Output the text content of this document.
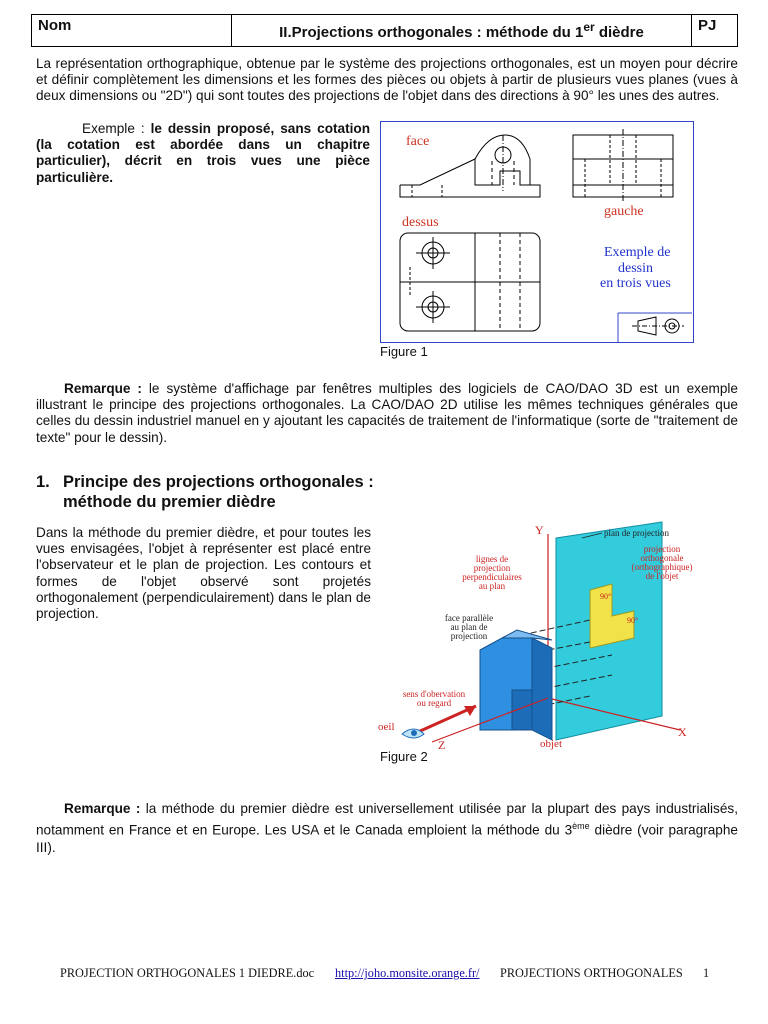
Nom	II.Projections orthogonales : méthode du 1er dièdre	PJ
La représentation orthographique, obtenue par le système des projections orthogonales, est un moyen pour décrire et définir complètement les dimensions et les formes des pièces ou objets à partir de plusieurs vues planes (vues à deux dimensions ou "2D") qui sont toutes des projections de l'objet dans des directions à 90° les unes des autres.
Exemple : le dessin proposé, sans cotation (la cotation est abordée dans un chapitre particulier), décrit en trois vues une pièce particulière.
face
gauche
dessus
Exemple de
dessin
en trois vues
Figure 1
Remarque : le système d'affichage par fenêtres multiples des logiciels de CAO/DAO 3D est un exemple illustrant le principe des projections orthogonales. La CAO/DAO 2D utilise les mêmes techniques générales que celles du dessin industriel manuel en y ajoutant les capacités de traitement de l'informatique (sorte de "traitement de texte" pour le dessin).
1. Principe des projections orthogonales :
méthode du premier dièdre
Dans la méthode du premier dièdre, et pour toutes les vues envisagées, l'objet à représenter est placé entre l'observateur et le plan de projection. Les contours et formes de l'objet observé sont projetés orthogonalement (perpendiculairement) dans le plan de projection.
Y
X
90°
90°
Z
oeil
plan de projection
lignes de
projection
perpendiculaires
au plan
projection
orthogonale
(orthographique)
de l'objet
face parallèle
au plan de
projection
sens d'obervation
ou regard
objet
Figure 2
Remarque : la méthode du premier dièdre est universellement utilisée par la plupart des pays industrialisés, notamment en France et en Europe. Les USA et le Canada emploient la méthode du 3ème dièdre (voir paragraphe III).
PROJECTION ORTHOGONALES 1 DIEDRE.doc http://joho.monsite.orange.fr/ PROJECTIONS ORTHOGONALES 1
